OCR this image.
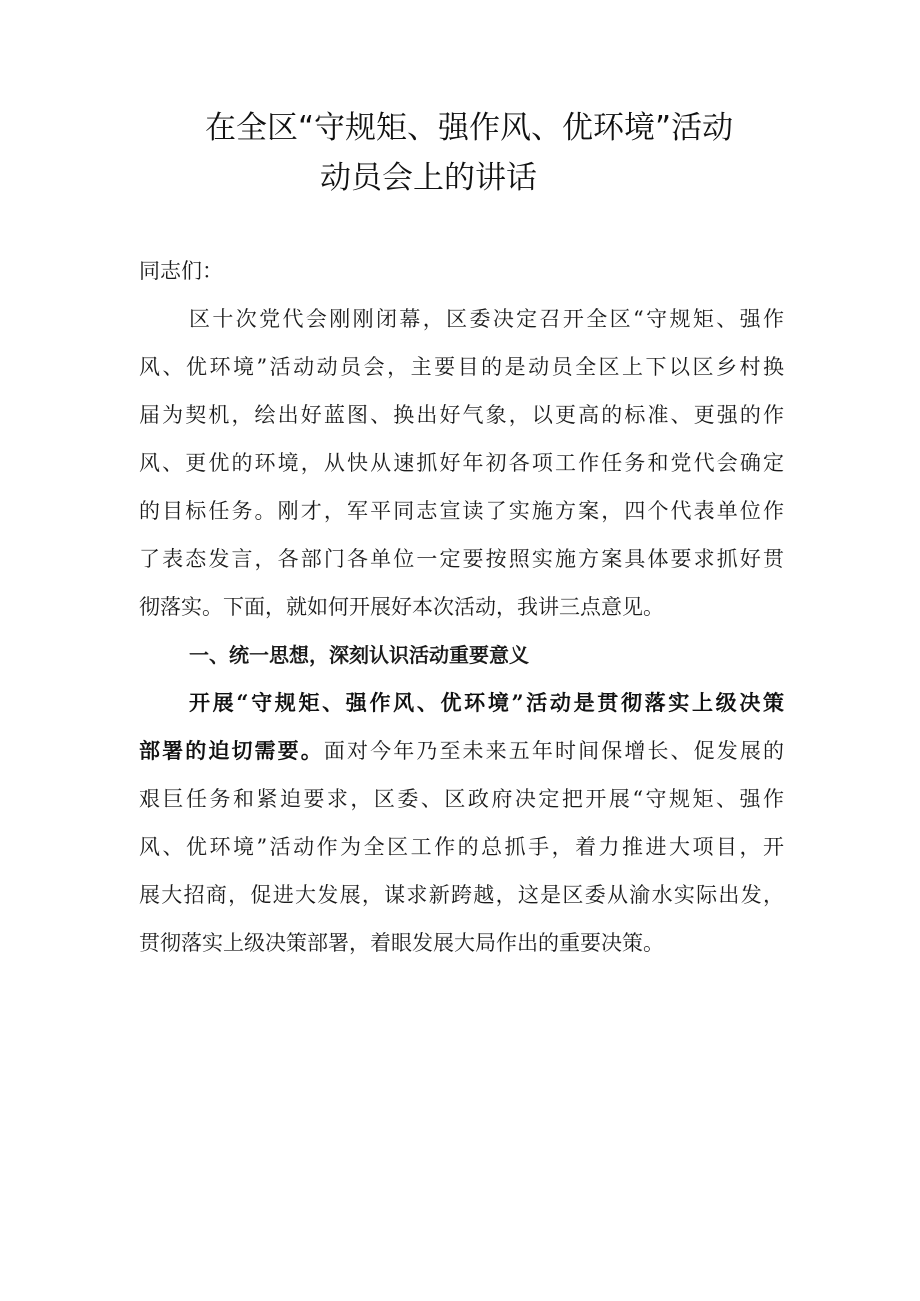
在全区“守规矩、强作风、优环境”活动
动员会上的讲话

同志们：

区十次党代会刚刚闭幕，区委决定召开全区“守规矩、强作

风、优环境”活动动员会，主要目的是动员全区上下以区乡村换

届为契机，绘出好蓝图、换出好气象，以更高的标准、更强的作

风、更优的环境，从快从速抓好年初各项工作任务和党代会确定

的目标任务。刚才，军平同志宣读了实施方案，四个代表单位作

了表态发言，各部门各单位一定要按照实施方案具体要求抓好贯

彻落实。下面，就如何开展好本次活动，我讲三点意见。

一、统一思想，深刻认识活动重要意义

开展“守规矩、强作风、优环境”活动是贯彻落实上级决策

部署的迫切需要。面对今年乃至未来五年时间保增长、促发展的

艰巨任务和紧迫要求，区委、区政府决定把开展“守规矩、强作

风、优环境”活动作为全区工作的总抓手，着力推进大项目，开

展大招商，促进大发展，谋求新跨越，这是区委从渝水实际出发，

贯彻落实上级决策部署，着眼发展大局作出的重要决策。
